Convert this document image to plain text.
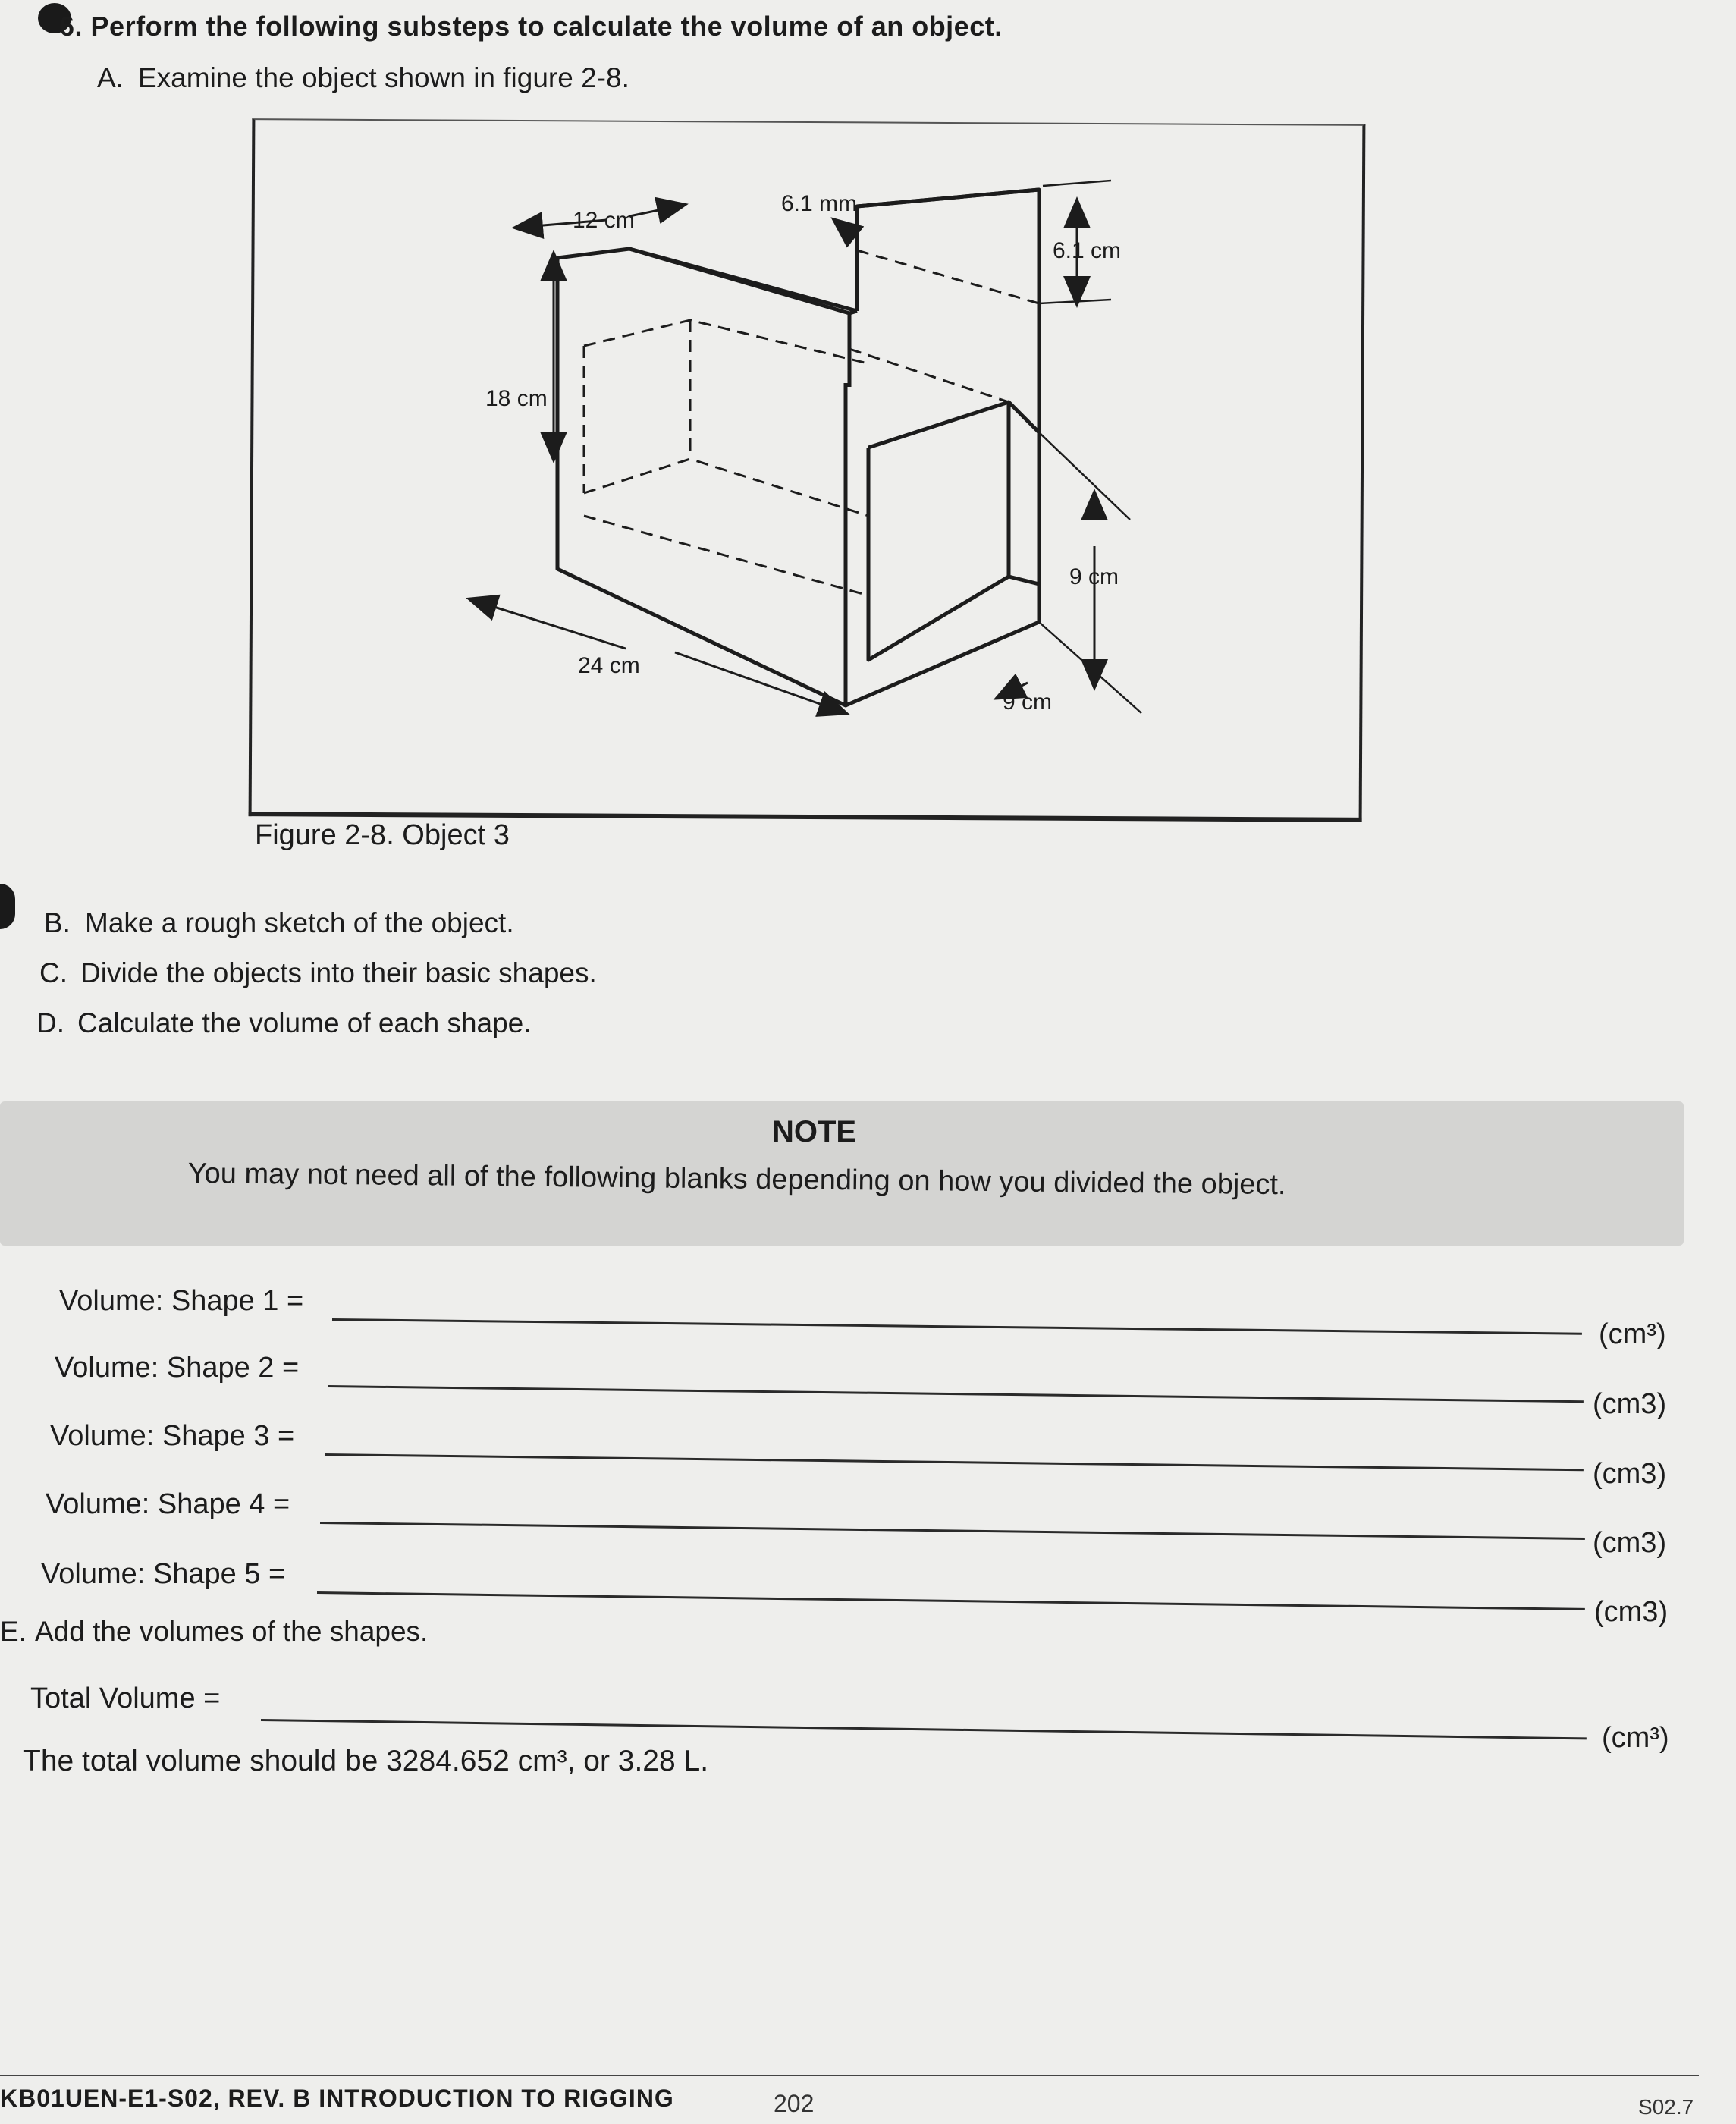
6. Perform the following substeps to calculate the volume of an object.
A. Examine the object shown in figure 2-8.
12 cm
6.1 mm
18 cm
24 cm
6.1 cm
9 cm
9 cm
Figure 2-8. Object 3
B. Make a rough sketch of the object.
C. Divide the objects into their basic shapes.
D. Calculate the volume of each shape.
NOTE
You may not need all of the following blanks depending on how you divided the object.
Volume: Shape 1 =
(cm³)
Volume: Shape 2 =
(cm3)
Volume: Shape 3 =
(cm3)
Volume: Shape 4 =
(cm3)
Volume: Shape 5 =
(cm3)
E. Add the volumes of the shapes.
Total Volume =
(cm³)
The total volume should be 3284.652 cm³, or 3.28 L.
KB01UEN-E1-S02, REV. B INTRODUCTION TO RIGGING	202	S02.7
